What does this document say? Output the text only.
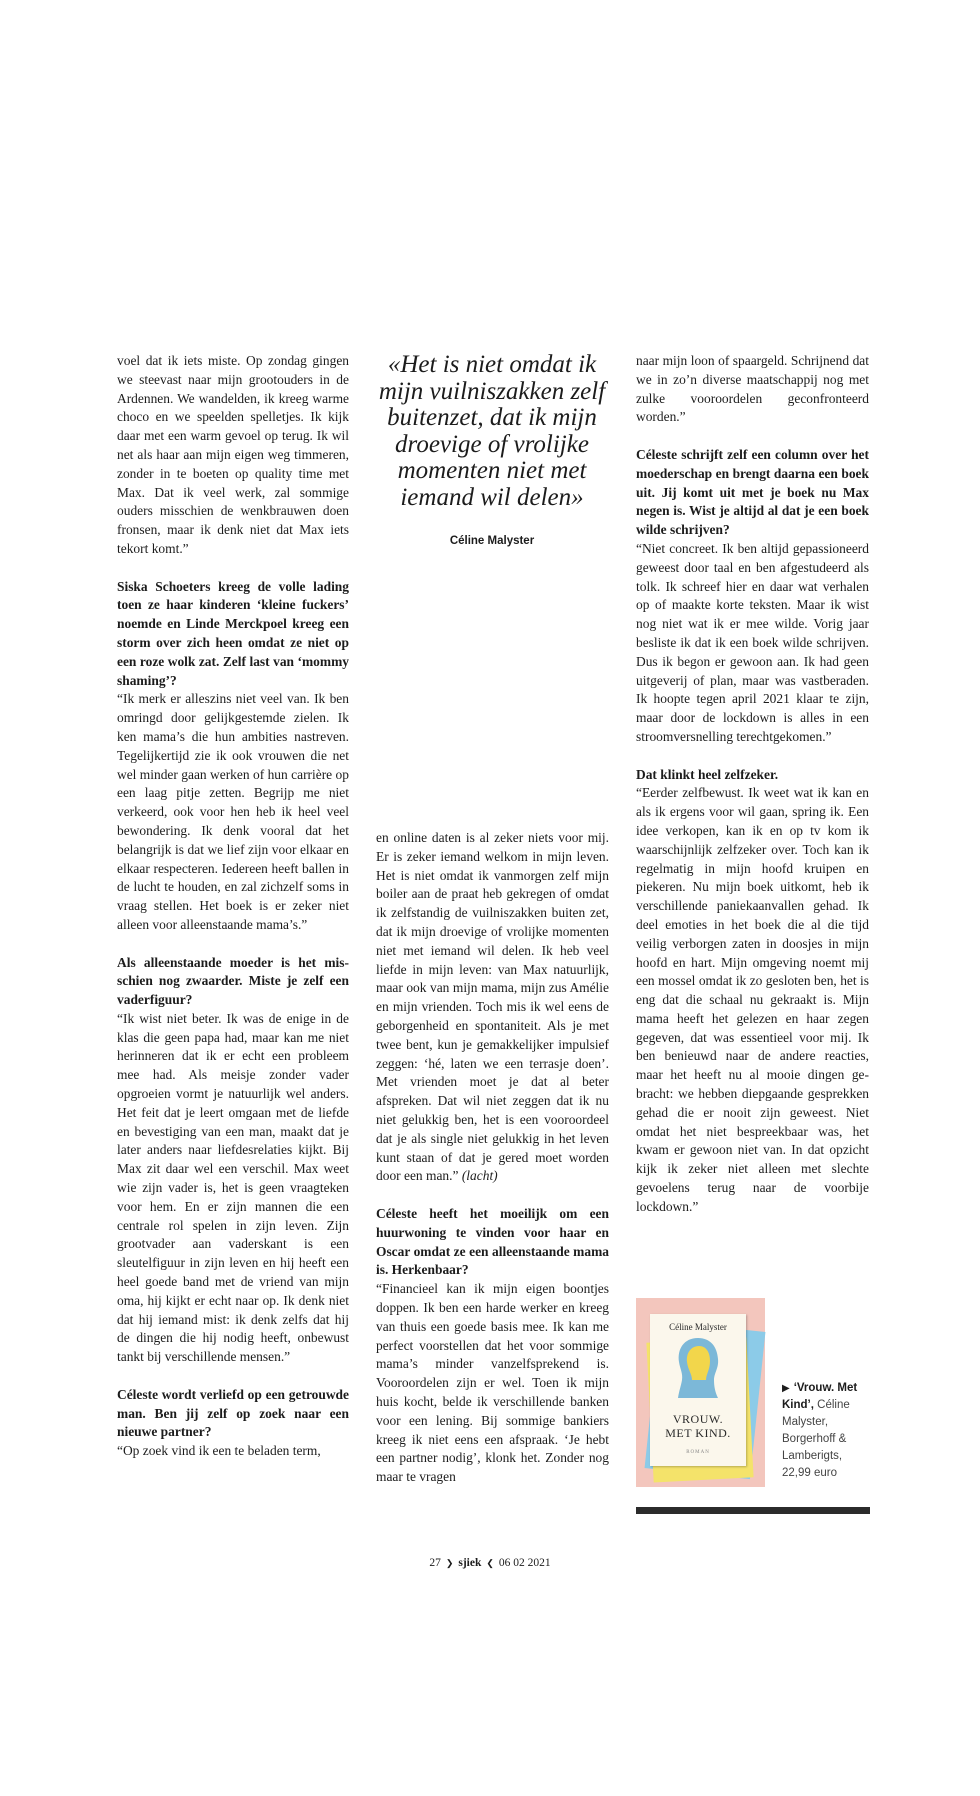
voel dat ik iets miste. Op zondag gingen we steevast naar mijn grootouders in de Ardennen. We wandelden, ik kreeg warme choco en we speelden spelletjes. Ik kijk daar met een warm gevoel op terug. Ik wil net als haar aan mijn eigen weg timmeren, zonder in te boeten op quality time met Max. Dat ik veel werk, zal sommige ouders misschien de wenkbrauwen doen fronsen, maar ik denk niet dat Max iets tekort komt.”

Siska Schoeters kreeg de volle lading toen ze haar kinderen ‘kleine fuckers’ noemde en Linde Merckpoel kreeg een storm over zich heen omdat ze niet op een roze wolk zat. Zelf last van ‘mommy shaming’?

“Ik merk er alleszins niet veel van. Ik ben omringd door gelijkgestemde zielen. Ik ken mama’s die hun ambities nastreven. Tegelijkertijd zie ik ook vrouwen die net wel minder gaan werken of hun carrière op een laag pitje zetten. Begrijp me niet verkeerd, ook voor hen heb ik heel veel bewondering. Ik denk vooral dat het belangrijk is dat we lief zijn voor elkaar en elkaar respecteren. Iedereen heeft ballen in de lucht te houden, en zal zichzelf soms in vraag stellen. Het boek is er zeker niet alleen voor alleenstaande mama’s.”

Als alleenstaande moeder is het misschien nog zwaarder. Miste je zelf een vaderfiguur?

“Ik wist niet beter. Ik was de enige in de klas die geen papa had, maar kan me niet herinneren dat ik er echt een probleem mee had. Als meisje zonder vader opgroeien vormt je natuurlijk wel anders. Het feit dat je leert omgaan met de liefde en bevestiging van een man, maakt dat je later anders naar liefdesrelaties kijkt. Bij Max zit daar wel een verschil. Max weet wie zijn vader is, het is geen vraagteken voor hem. En er zijn mannen die een centrale rol spelen in zijn leven. Zijn grootvader aan vaderskant is een sleutelfiguur in zijn leven en hij heeft een heel goede band met de vriend van mijn oma, hij kijkt er echt naar op. Ik denk niet dat hij iemand mist: ik denk zelfs dat hij de dingen die hij nodig heeft, onbewust tankt bij verschillende mensen.”

Céleste wordt verliefd op een getrouwde man. Ben jij zelf op zoek naar een nieuwe partner?

“Op zoek vind ik een te beladen term,

«Het is niet omdat ik mijn vuilniszakken zelf buitenzet, dat ik mijn droevige of vrolijke momenten niet met iemand wil delen»
Céline Malyster

en online daten is al zeker niets voor mij. Er is zeker iemand welkom in mijn leven. Het is niet omdat ik vanmorgen zelf mijn boiler aan de praat heb gekregen of omdat ik zelfstandig de vuilniszakken buiten zet, dat ik mijn droevige of vrolijke momenten niet met iemand wil delen. Ik heb veel liefde in mijn leven: van Max natuurlijk, maar ook van mijn mama, mijn zus Amélie en mijn vrienden. Toch mis ik wel eens de geborgenheid en spontaniteit. Als je met twee bent, kun je gemakkelijker impulsief zeggen: ‘hé, laten we een terrasje doen’. Met vrienden moet je dat al beter afspreken. Dat wil niet zeggen dat ik nu niet gelukkig ben, het is een vooroordeel dat je als single niet gelukkig in het leven kunt staan of dat je gered moet worden door een man.” (lacht)

Céleste heeft het moeilijk om een huurwoning te vinden voor haar en Oscar omdat ze een alleenstaande mama is. Herkenbaar?

“Financieel kan ik mijn eigen boontjes doppen. Ik ben een harde werker en kreeg van thuis een goede basis mee. Ik kan me perfect voorstellen dat het voor sommige mama’s minder vanzelfsprekend is. Vooroordelen zijn er wel. Toen ik mijn huis kocht, belde ik verschillende banken voor een lening. Bij sommige bankiers kreeg ik niet eens een afspraak. ‘Je hebt een partner nodig’, klonk het. Zonder nog maar te vragen

naar mijn loon of spaargeld. Schrijnend dat we in zo’n diverse maatschappij nog met zulke vooroordelen geconfronteerd worden.”

Céleste schrijft zelf een column over het moederschap en brengt daarna een boek uit. Jij komt uit met je boek nu Max negen is. Wist je altijd al dat je een boek wilde schrijven?

“Niet concreet. Ik ben altijd gepassioneerd geweest door taal en ben afgestudeerd als tolk. Ik schreef hier en daar wat verhalen op of maakte korte teksten. Maar ik wist nog niet wat ik er mee wilde. Vorig jaar besliste ik dat ik een boek wilde schrijven. Dus ik begon er gewoon aan. Ik had geen uitgeverij of plan, maar was vastberaden. Ik hoopte tegen april 2021 klaar te zijn, maar door de lockdown is alles in een stroomversnelling terechtgekomen.”

Dat klinkt heel zelfzeker.

“Eerder zelfbewust. Ik weet wat ik kan en als ik ergens voor wil gaan, spring ik. Een idee verkopen, kan ik en op tv kom ik waarschijnlijk zelfzeker over. Toch kan ik regelmatig in mijn hoofd kruipen en piekeren. Nu mijn boek uitkomt, heb ik verschillende paniekaanvallen gehad. Ik deel emoties in het boek die al die tijd veilig verborgen zaten in doosjes in mijn hoofd en hart. Mijn omgeving noemt mij een mossel omdat ik zo gesloten ben, het is eng dat die schaal nu gekraakt is. Mijn mama heeft het gelezen en haar zegen gegeven, dat was essentieel voor mij. Ik ben benieuwd naar de andere reacties, maar het heeft nu al mooie dingen gebracht: we hebben diepgaande gesprekken gehad die er nooit zijn geweest. Niet omdat het niet bespreekbaar was, het kwam er gewoon niet van. In dat opzicht kijk ik zeker niet alleen met slechte gevoelens terug naar de voorbije lockdown.”

Céline Malyster
VROUW.
MET KIND.
ROMAN
▶ ‘Vrouw. Met Kind’, Céline Malyster, Borgerhoff & Lamberigts, 22,99 euro
27 ❯ sjiek ❮ 06 02 2021
